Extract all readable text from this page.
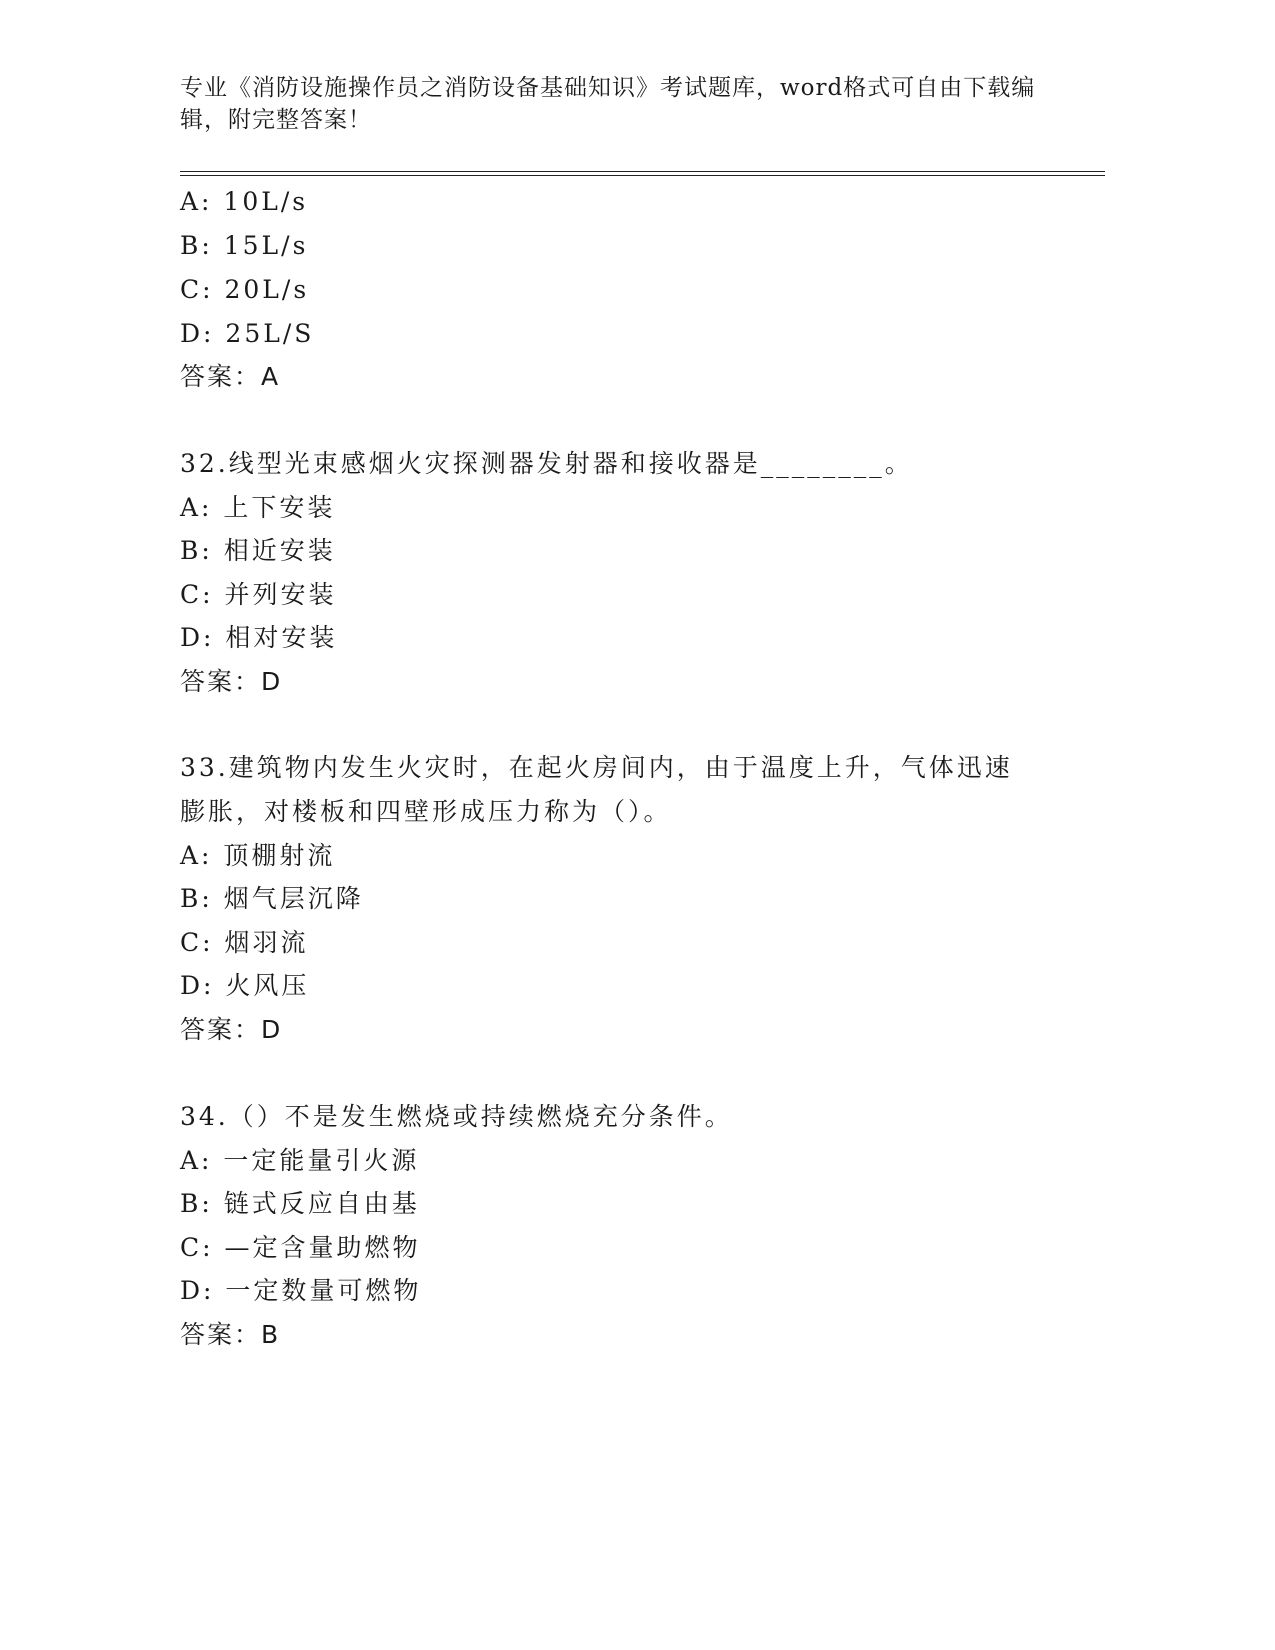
专业《消防设施操作员之消防设备基础知识》考试题库，word格式可自由下载编辑，附完整答案！
A: 10L/s
B: 15L/s
C: 20L/s
D: 25L/S
答案：A
32.线型光束感烟火灾探测器发射器和接收器是________。
A: 上下安装
B: 相近安装
C: 并列安装
D: 相对安装
答案：D
33.建筑物内发生火灾时，在起火房间内，由于温度上升，气体迅速膨胀，对楼板和四壁形成压力称为（）。
A: 顶棚射流
B: 烟气层沉降
C: 烟羽流
D: 火风压
答案：D
34.（）不是发生燃烧或持续燃烧充分条件。
A: 一定能量引火源
B: 链式反应自由基
C: —定含量助燃物
D: 一定数量可燃物
答案：B
